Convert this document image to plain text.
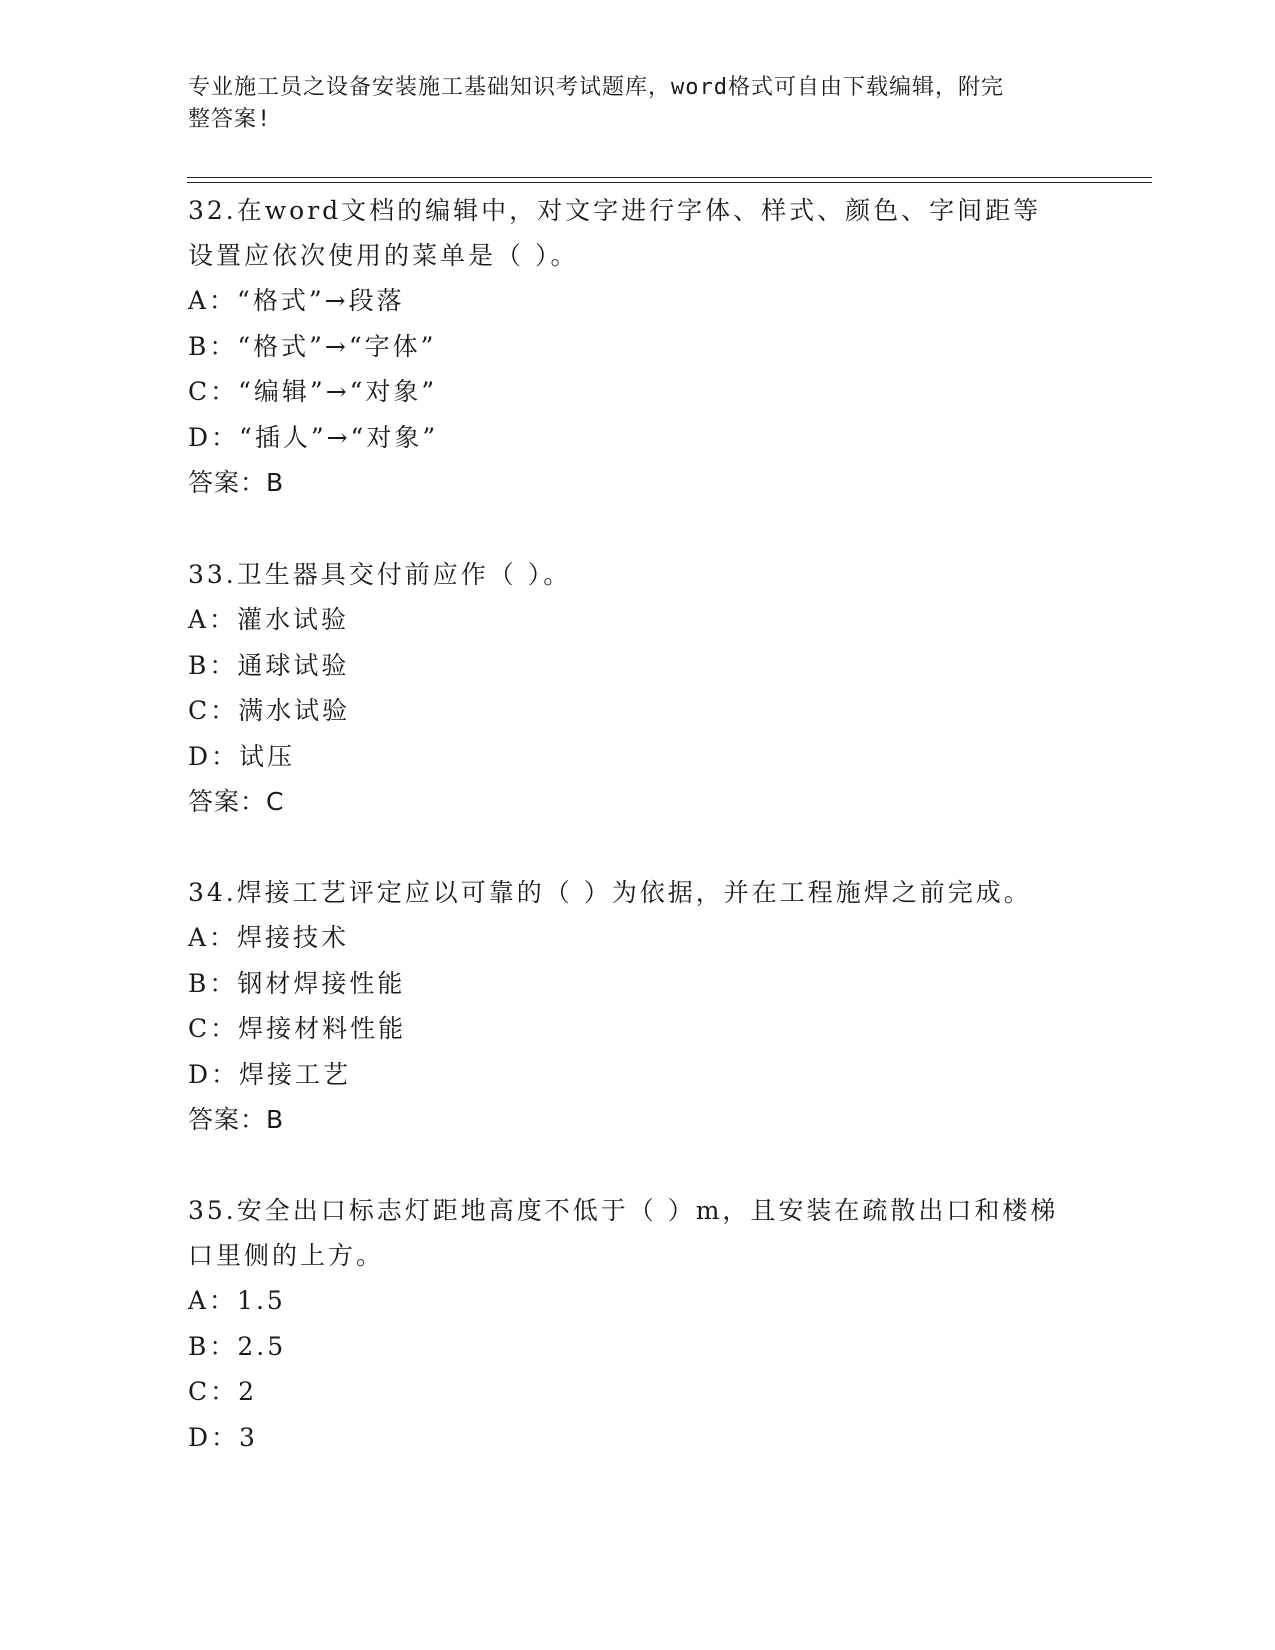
专业施工员之设备安装施工基础知识考试题库，word格式可自由下载编辑，附完
整答案!

32.在word文档的编辑中，对文字进行字体、样式、颜色、字间距等

设置应依次使用的菜单是（ ）。

A：“格式”→段落

B：“格式”→“字体”

C：“编辑”→“对象”

D：“插人”→“对象”

答案：B

33.卫生器具交付前应作（ ）。

A：灌水试验

B：通球试验

C：满水试验

D：试压

答案：C

34.焊接工艺评定应以可靠的（ ）为依据，并在工程施焊之前完成。

A：焊接技术

B：钢材焊接性能

C：焊接材料性能

D：焊接工艺

答案：B

35.安全出口标志灯距地高度不低于（ ）m，且安装在疏散出口和楼梯

口里侧的上方。

A：1.5

B：2.5

C：2

D：3
